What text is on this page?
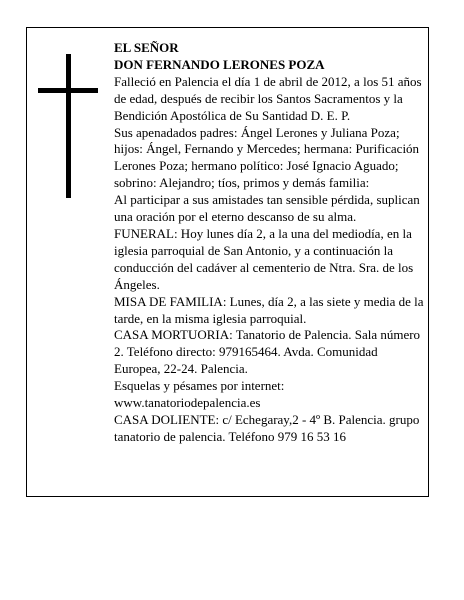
EL SEÑOR

DON FERNANDO LERONES POZA

Falleció en Palencia el día 1 de abril de 2012, a los 51 años de edad, después de recibir los Santos Sacramentos y la Bendición Apostólica de Su Santidad D. E. P.

Sus apenadados padres: Ángel Lerones y Juliana Poza; hijos: Ángel, Fernando y Mercedes; hermana: Purificación Lerones Poza; hermano político: José Ignacio Aguado; sobrino: Alejandro; tíos, primos y demás familia:

Al participar a sus amistades tan sensible pérdida, suplican una oración por el eterno descanso de su alma.

FUNERAL: Hoy lunes día 2, a la una del mediodía, en la iglesia parroquial de San Antonio, y a continuación la conducción del cadáver al cementerio de Ntra. Sra. de los Ángeles.

MISA DE FAMILIA: Lunes, día 2, a las siete y media de la tarde, en la misma iglesia parroquial.

CASA MORTUORIA: Tanatorio de Palencia. Sala número 2. Teléfono directo: 979165464. Avda. Comunidad Europea, 22-24. Palencia.

Esquelas y pésames por internet: www.tanatoriodepalencia.es

CASA DOLIENTE: c/ Echegaray,2 - 4º B. Palencia. grupo tanatorio de palencia. Teléfono 979 16 53 16
